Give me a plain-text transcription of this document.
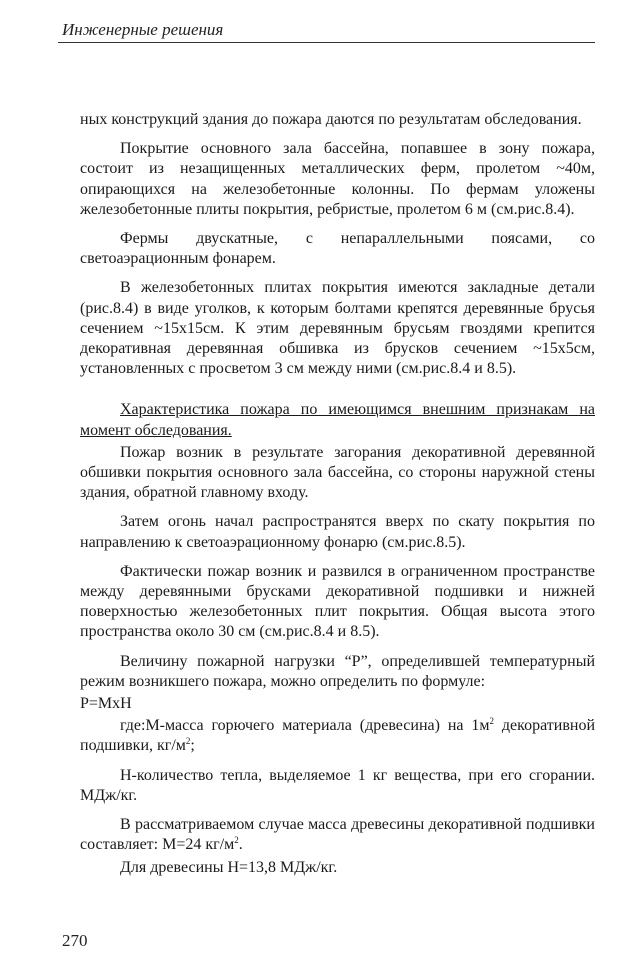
Инженерные решения

ных конструкций здания до пожара даются по результатам обследования.

Покрытие основного зала бассейна, попавшее в зону пожара, состоит из незащищенных металлических ферм, пролетом ~40м, опирающихся на железобетонные колонны. По фермам уложены железобетонные плиты покрытия, ребристые, пролетом 6 м (см.рис.8.4).

Фермы двускатные, с непараллельными поясами, со светоаэрационным фонарем.

В железобетонных плитах покрытия имеются закладные детали (рис.8.4) в виде уголков, к которым болтами крепятся деревянные брусья сечением ~15x15см. К этим деревянным брусьям гвоздями крепится декоративная деревянная обшивка из брусков сечением ~15x5см, установленных с просветом 3 см между ними (см.рис.8.4 и 8.5).

Характеристика пожара по имеющимся внешним признакам на момент обследования.

Пожар возник в результате загорания декоративной деревянной обшивки покрытия основного зала бассейна, со стороны наружной стены здания, обратной главному входу.

Затем огонь начал распространятся вверх по скату покрытия по направлению к светоаэрационному фонарю (см.рис.8.5).

Фактически пожар возник и развился в ограниченном пространстве между деревянными брусками декоративной подшивки и нижней поверхностью железобетонных плит покрытия. Общая высота этого пространства около 30 см (см.рис.8.4 и 8.5).

Величину пожарной нагрузки “Р”, определившей температурный режим возникшего пожара, можно определить по формуле:

Р=МхН

где:М-масса горючего материала (древесина) на $1м^2$ декоративной подшивки, $кг/м^2$;

Н-количество тепла, выделяемое 1 кг вещества, при его сгорании. МДж/кг.

В рассматриваемом случае масса древесины декоративной подшивки составляет: М=24 $кг/м^2$.

Для древесины Н=13,8 МДж/кг.

270
